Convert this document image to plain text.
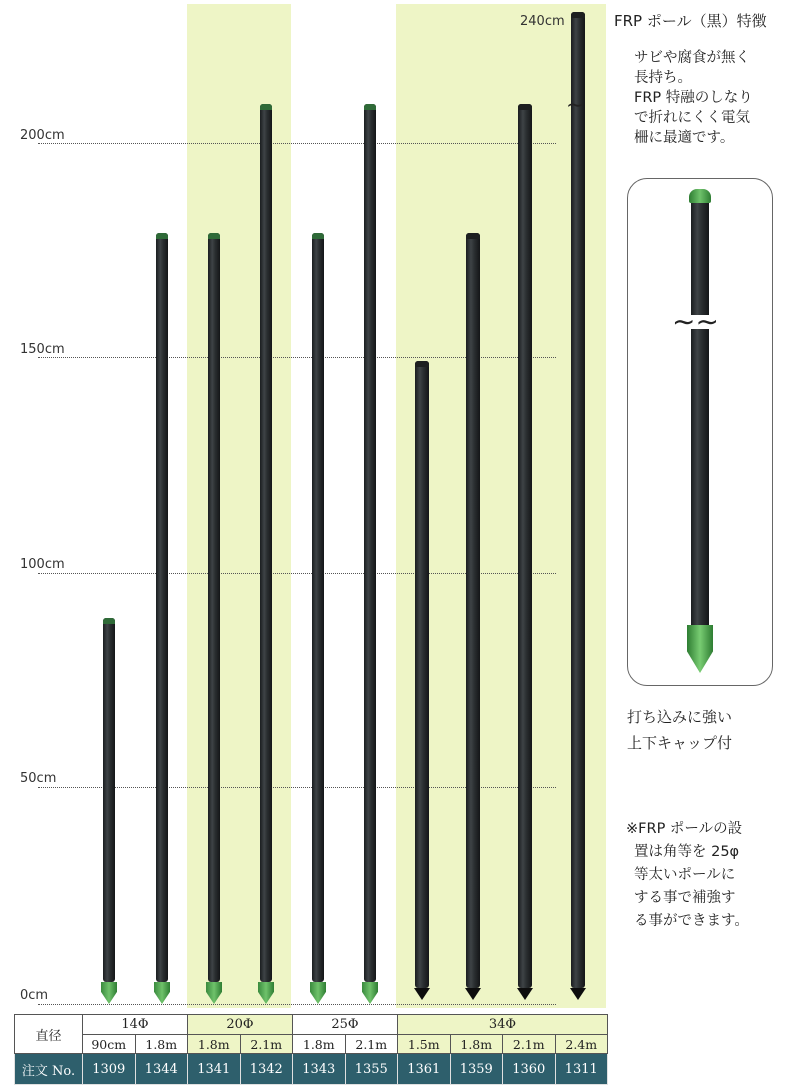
200cm
150cm
100cm
50cm
0cm
240cm
∼
FRP ポール（黒）特徴
サビや腐食が無く
長持ち。
FRP 特融のしなり
で折れにくく電気
柵に最適です。
∼∼
打ち込みに強い
上下キャップ付
※FRP ポールの設
置は角等を 25φ
等太いポールに
する事で補強す
る事ができます。
直径	14Φ		20Φ		25Φ		34Φ			
	90cm	1.8m	1.8m	2.1m	1.8m	2.1m	1.5m	1.8m	2.1m	2.4m
注文 No.	1309	1344	1341	1342	1343	1355	1361	1359	1360	1311
